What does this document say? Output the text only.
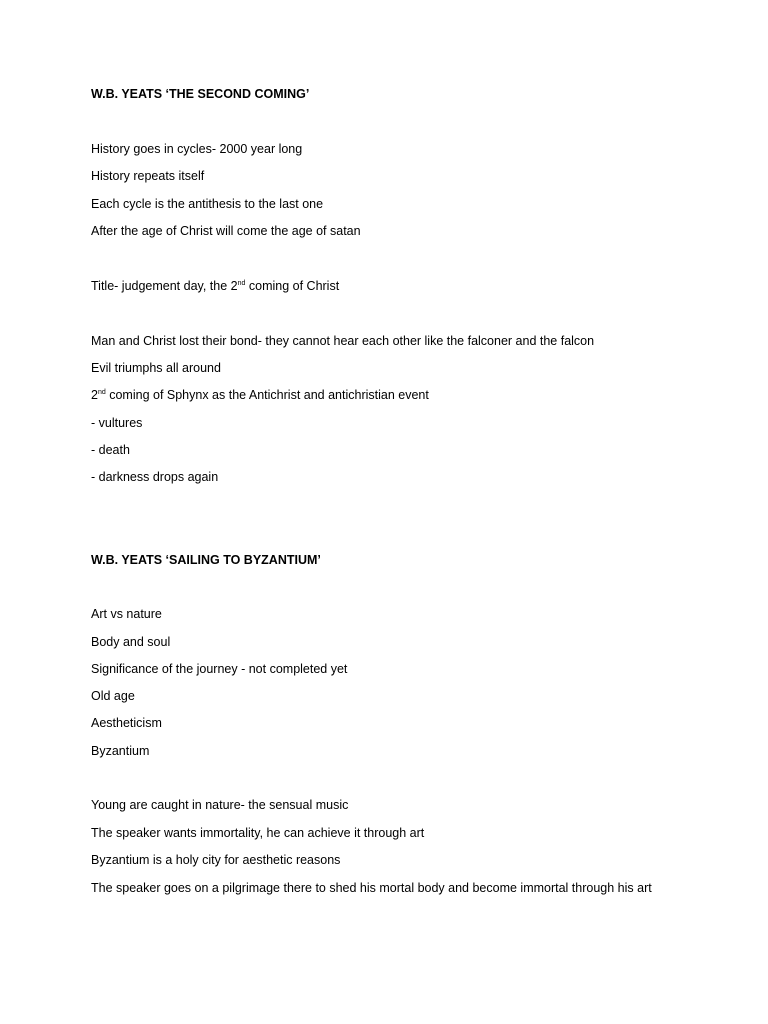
W.B. YEATS ‘THE SECOND COMING’
History goes in cycles- 2000 year long
History repeats itself
Each cycle is the antithesis to the last one
After the age of Christ will come the age of satan
Title- judgement day, the 2nd coming of Christ
Man and Christ lost their bond- they cannot hear each other like the falconer and the falcon
Evil triumphs all around
2nd coming of Sphynx as the Antichrist and antichristian event
- vultures
- death
- darkness drops again
W.B. YEATS ‘SAILING TO BYZANTIUM’
Art vs nature
Body and soul
Significance of the journey - not completed yet
Old age
Aestheticism
Byzantium
Young are caught in nature- the sensual music
The speaker wants immortality, he can achieve it through art
Byzantium is a holy city for aesthetic reasons
The speaker goes on a pilgrimage there to shed his mortal body and become immortal through his art
